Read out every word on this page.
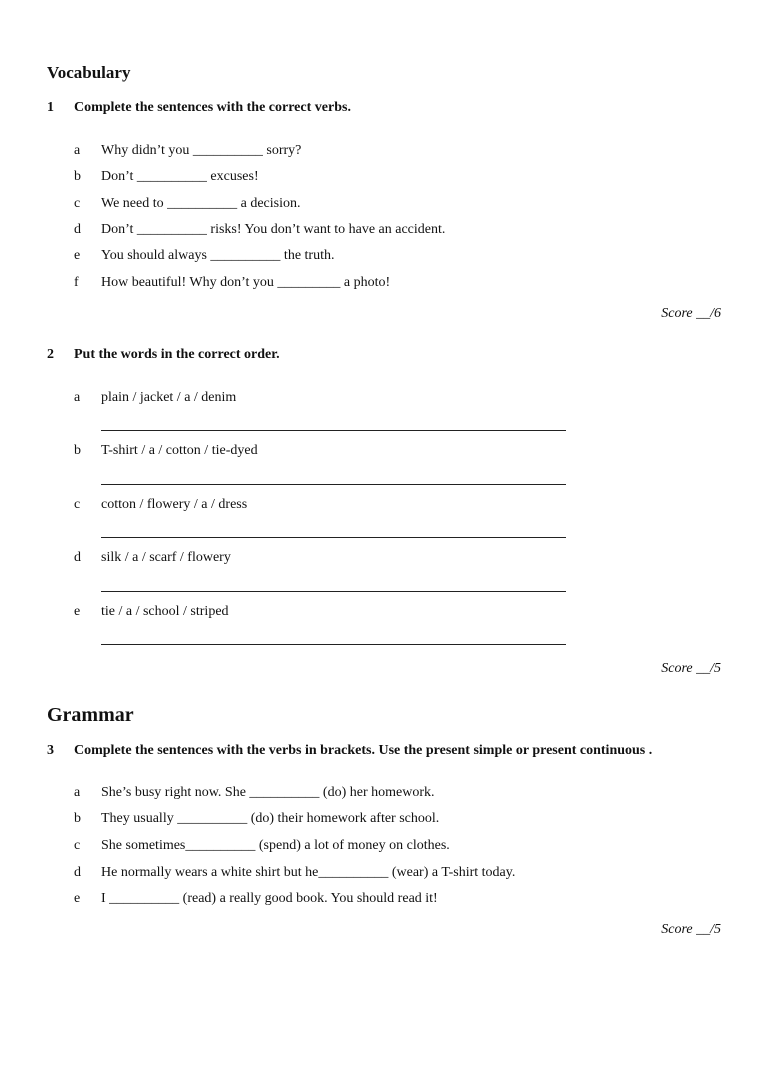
Vocabulary
1 Complete the sentences with the correct verbs.
a Why didn’t you __________ sorry?
b Don’t __________ excuses!
c We need to __________ a decision.
d Don’t __________ risks! You don’t want to have an accident.
e You should always __________ the truth.
f How beautiful! Why don’t you _________ a photo!
Score __/6
2 Put the words in the correct order.
a plain / jacket / a / denim
b T-shirt / a / cotton / tie-dyed
c cotton / flowery / a / dress
d silk / a / scarf / flowery
e tie / a / school / striped
Score __/5
Grammar
3 Complete the sentences with the verbs in brackets. Use the present simple or present continuous .
a She’s busy right now. She __________ (do) her homework.
b They usually __________ (do) their homework after school.
c She sometimes__________ (spend) a lot of money on clothes.
d He normally wears a white shirt but he__________ (wear) a T-shirt today.
e I __________ (read) a really good book. You should read it!
Score __/5
